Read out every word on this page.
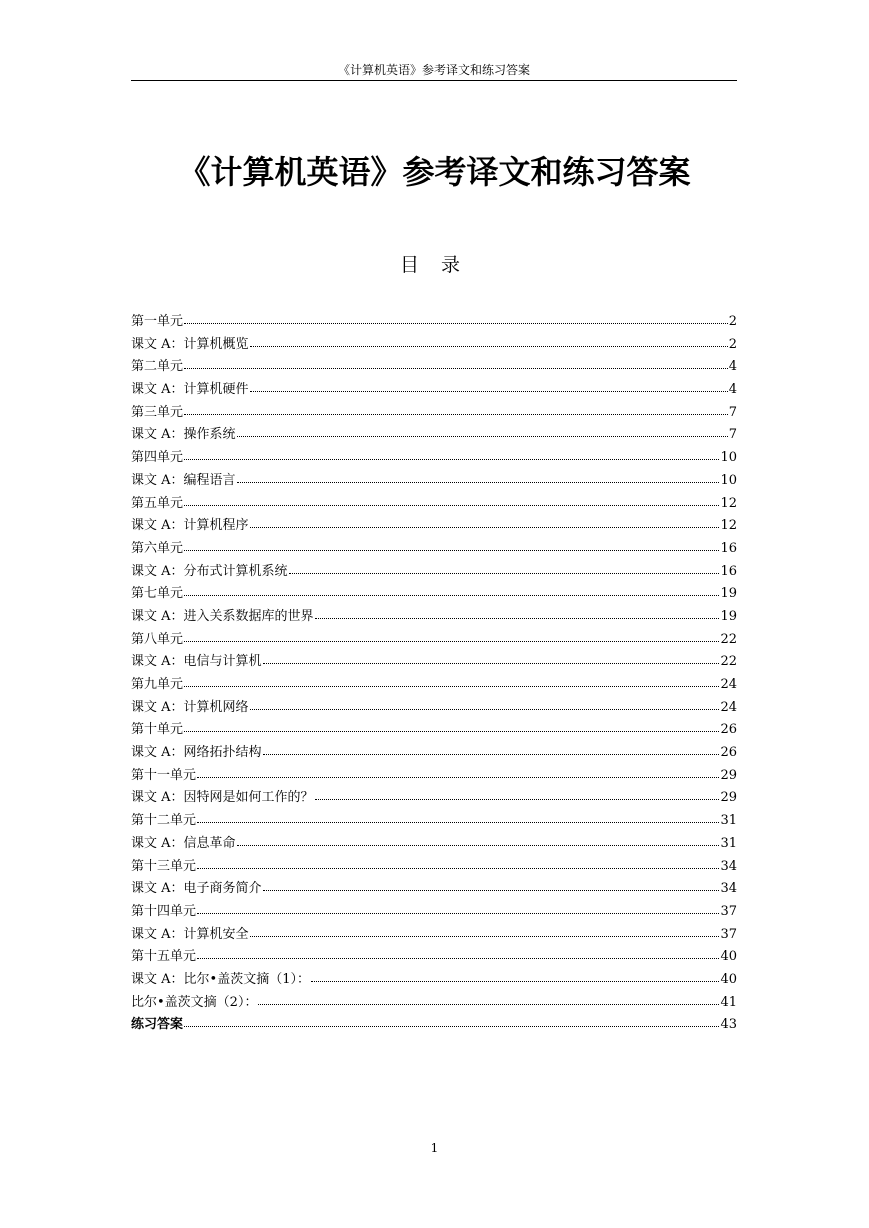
《计算机英语》参考译文和练习答案
《计算机英语》参考译文和练习答案
目 录
第一单元	2
课文 A：计算机概览	2
第二单元	4
课文 A：计算机硬件	4
第三单元	7
课文 A：操作系统	7
第四单元	10
课文 A：编程语言	10
第五单元	12
课文 A：计算机程序	12
第六单元	16
课文 A：分布式计算机系统	16
第七单元	19
课文 A：进入关系数据库的世界	19
第八单元	22
课文 A：电信与计算机	22
第九单元	24
课文 A：计算机网络	24
第十单元	26
课文 A：网络拓扑结构	26
第十一单元	29
课文 A：因特网是如何工作的？	29
第十二单元	31
课文 A：信息革命	31
第十三单元	34
课文 A：电子商务简介	34
第十四单元	37
课文 A：计算机安全	37
第十五单元	40
课文 A：比尔•盖茨文摘（1）：	40
比尔•盖茨文摘（2）：	41
练习答案	43
1
